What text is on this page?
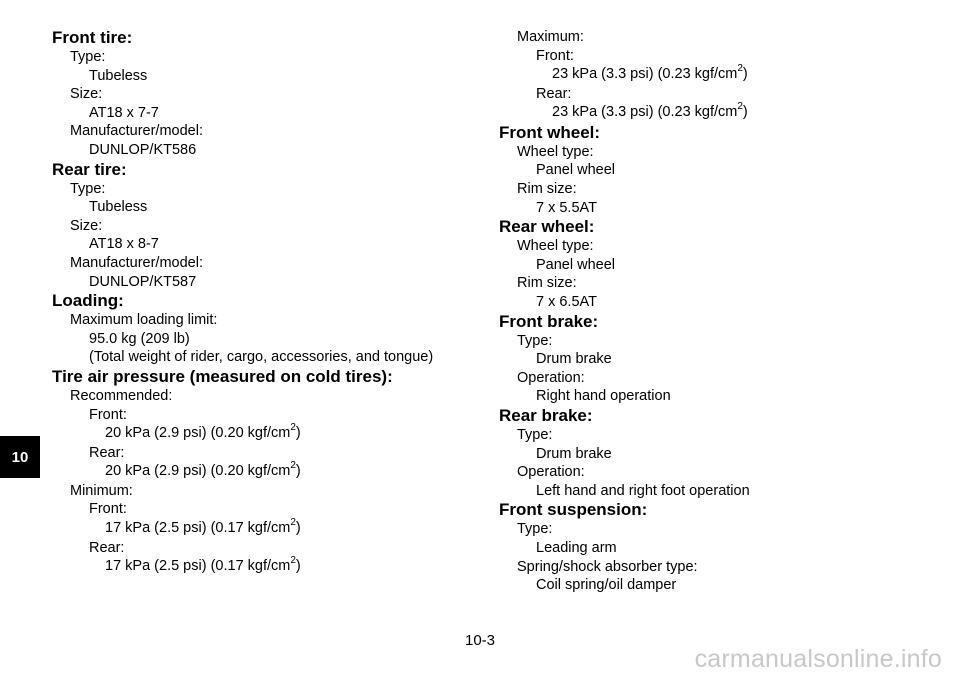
10
Front tire:
Type:
Tubeless
Size:
AT18 x 7-7
Manufacturer/model:
DUNLOP/KT586
Rear tire:
Type:
Tubeless
Size:
AT18 x 8-7
Manufacturer/model:
DUNLOP/KT587
Loading:
Maximum loading limit:
95.0 kg (209 lb)
(Total weight of rider, cargo, accessories, and tongue)
Tire air pressure (measured on cold tires):
Recommended:
Front:
20 kPa (2.9 psi) (0.20 kgf/$cm^2$)
Rear:
20 kPa (2.9 psi) (0.20 kgf/$cm^2$)
Minimum:
Front:
17 kPa (2.5 psi) (0.17 kgf/$cm^2$)
Rear:
17 kPa (2.5 psi) (0.17 kgf/$cm^2$)
Maximum:
Front:
23 kPa (3.3 psi) (0.23 kgf/$cm^2$)
Rear:
23 kPa (3.3 psi) (0.23 kgf/$cm^2$)
Front wheel:
Wheel type:
Panel wheel
Rim size:
7 x 5.5AT
Rear wheel:
Wheel type:
Panel wheel
Rim size:
7 x 6.5AT
Front brake:
Type:
Drum brake
Operation:
Right hand operation
Rear brake:
Type:
Drum brake
Operation:
Left hand and right foot operation
Front suspension:
Type:
Leading arm
Spring/shock absorber type:
Coil spring/oil damper
10-3
carmanualsonline.info
